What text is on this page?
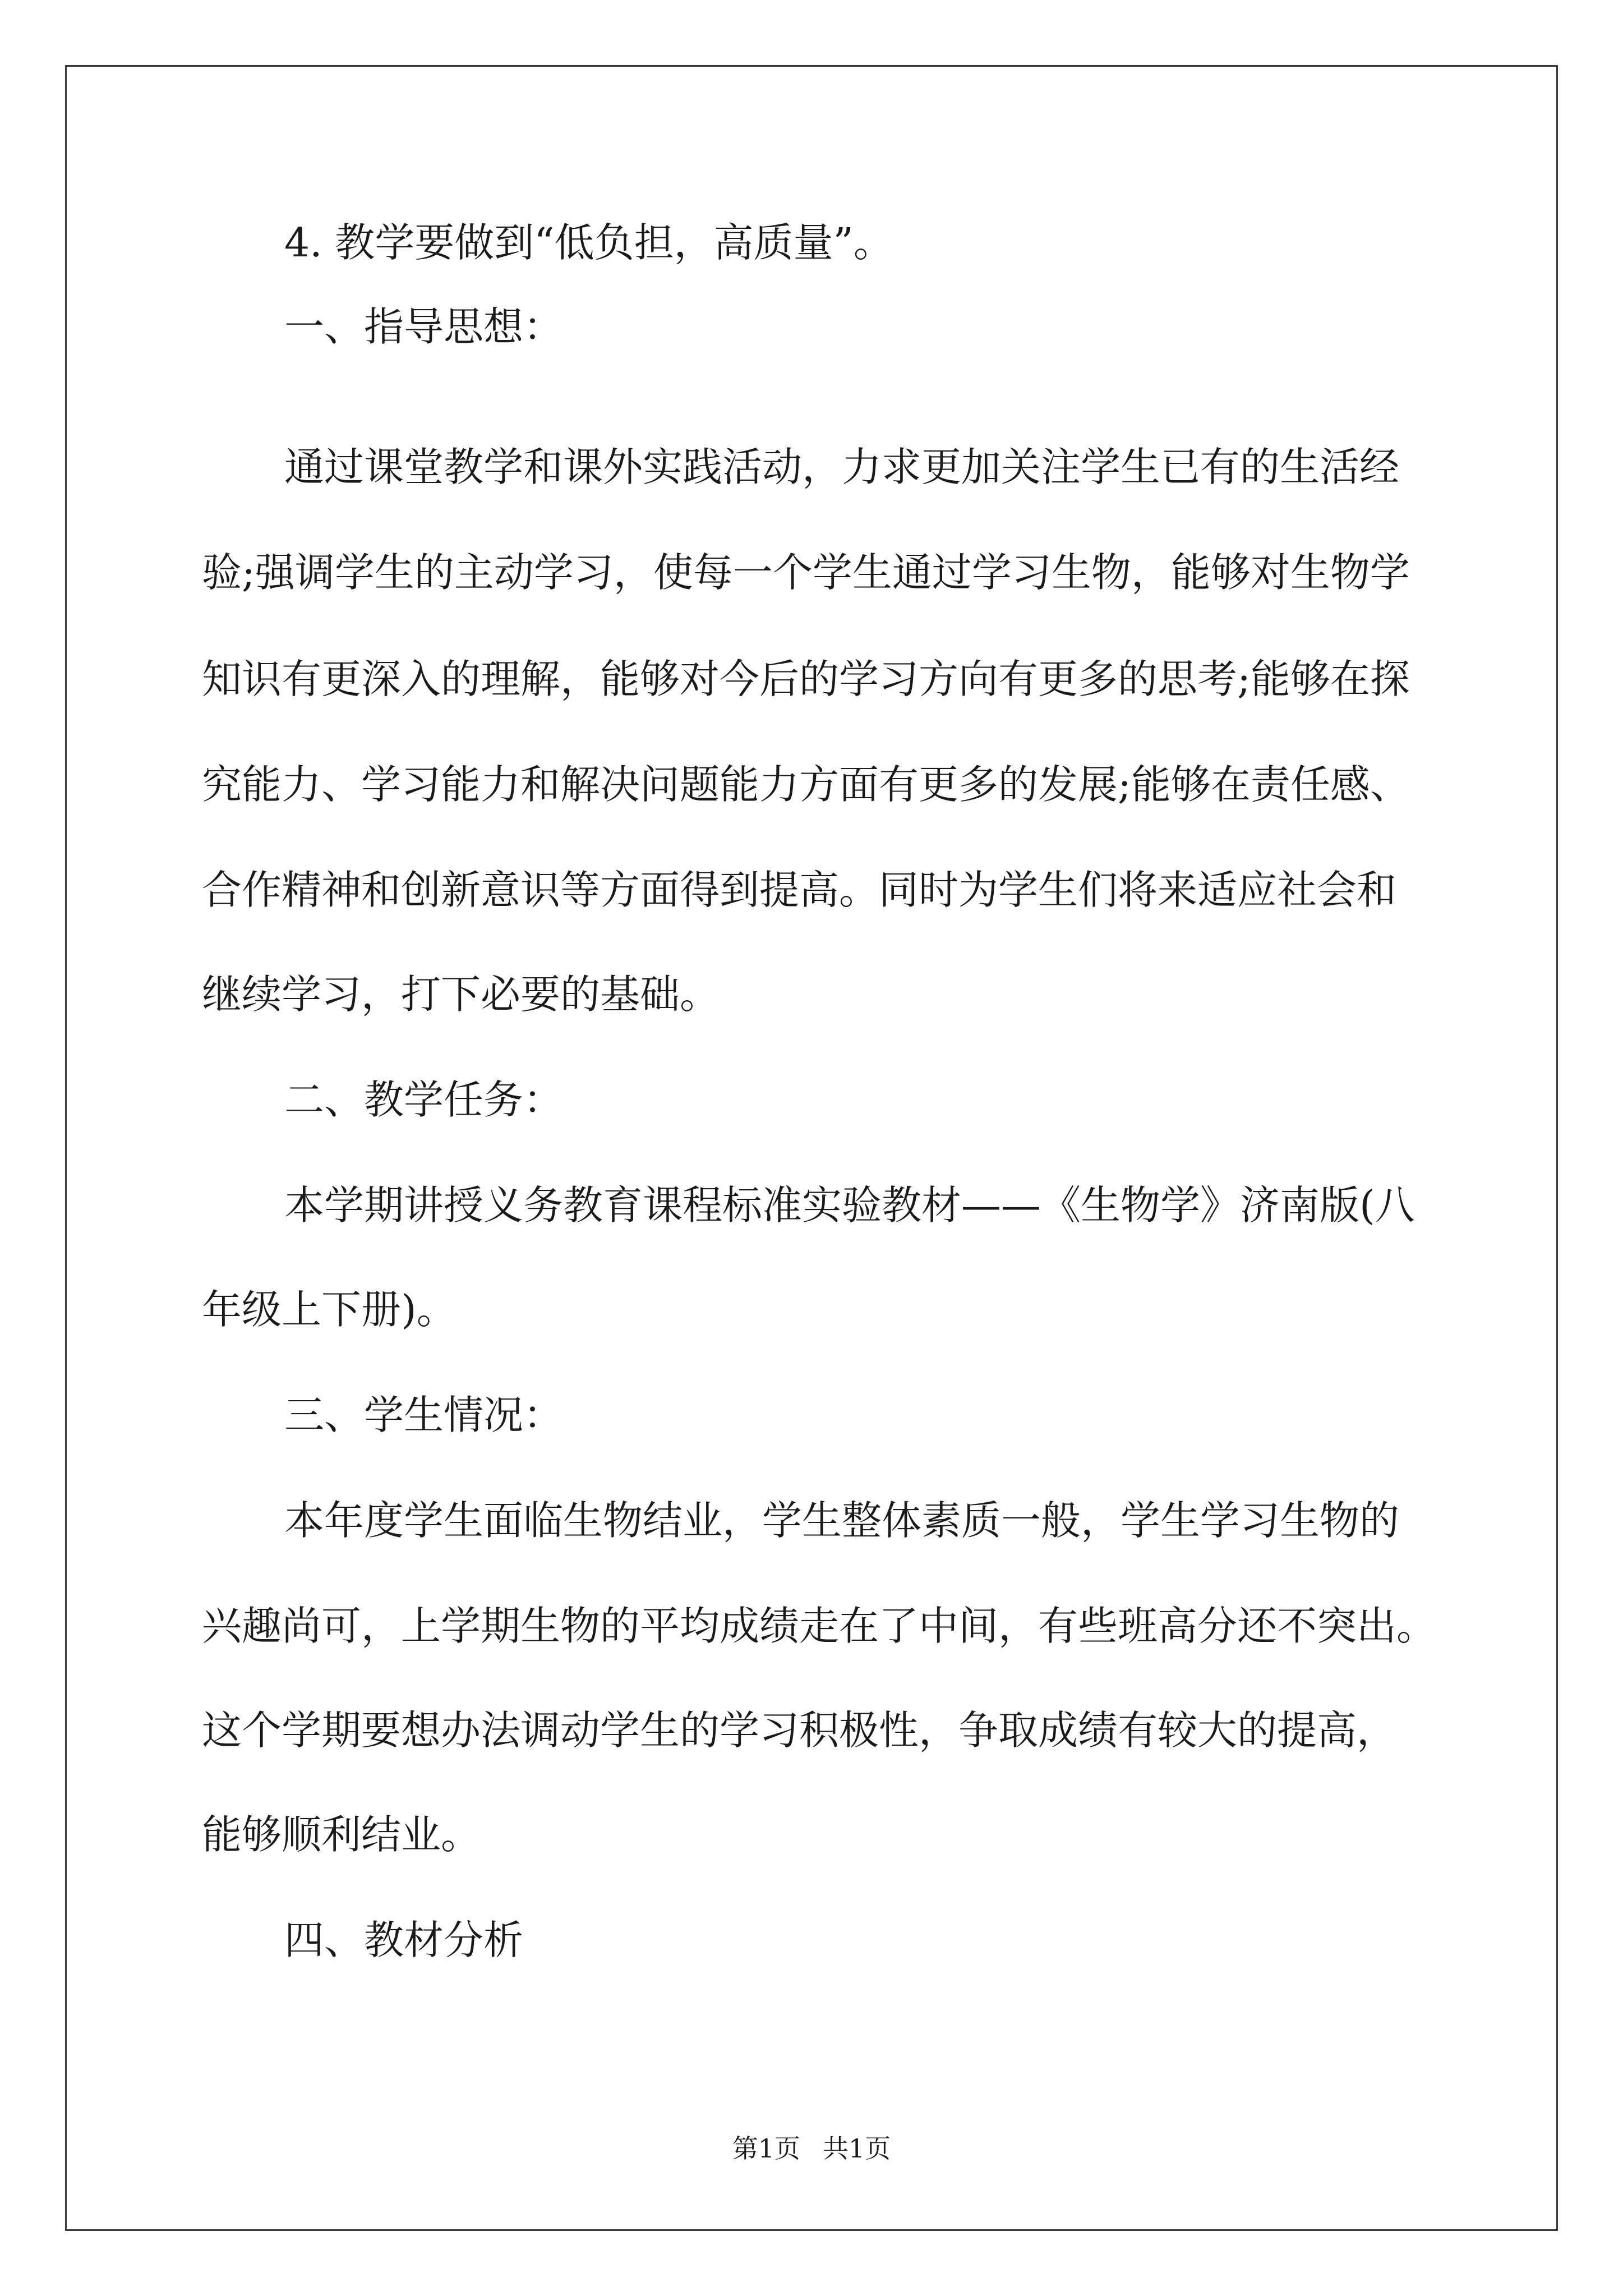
4. 教学要做到“低负担，高质量”。
一、指导思想：
通过课堂教学和课外实践活动，力求更加关注学生已有的生活经
验;强调学生的主动学习，使每一个学生通过学习生物，能够对生物学
知识有更深入的理解，能够对今后的学习方向有更多的思考;能够在探
究能力、学习能力和解决问题能力方面有更多的发展;能够在责任感、
合作精神和创新意识等方面得到提高。同时为学生们将来适应社会和
继续学习，打下必要的基础。
二、教学任务：
本学期讲授义务教育课程标准实验教材——《生物学》济南版(八
年级上下册)。
三、学生情况：
本年度学生面临生物结业，学生整体素质一般，学生学习生物的
兴趣尚可，上学期生物的平均成绩走在了中间，有些班高分还不突出。
这个学期要想办法调动学生的学习积极性，争取成绩有较大的提高，
能够顺利结业。
四、教材分析
第1页 共1页
